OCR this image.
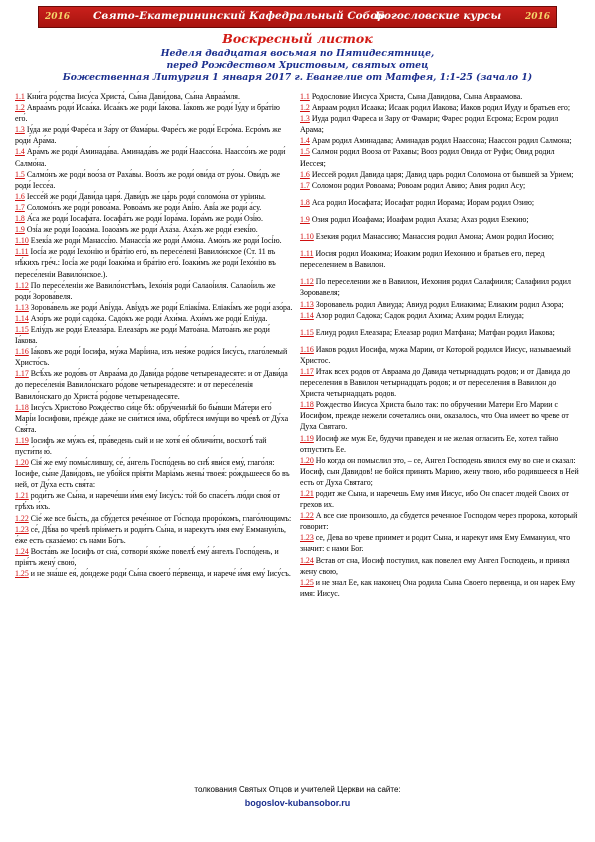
2016 Свято-Екатерининский Кафедральный Собор
Богословские курсы	2016
Воскресный листок
Неделя двадцатая восьмая по Пятидесятнице,
перед Рождеством Христовым, святых отец
Божественная Литургия 1 января 2017 г. Евангелие от Матфея, 1:1-25 (зачало 1)

1.1 Кни́га ро́дства Іису́са Христа́, Сы́на Дави́дова, Сы́на Авраа́мля.

1.2 Авраа́мъ роди́ Исаа́ка. Исаа́къ же роди́ Іа́кова. Іа́ковъ же роди́ Іу́ду и бра́тію его́.

1.3 Іу́да же роди́ Фаре́са и За́ру от Øама́ры. Фаре́съ же роди́ Еcро́ма. Еcро́мъ же роди́ Ара́ма.

1.4 Ара́мъ же роди́ Аминада́ва. Аминада́въ же роди́ Наассо́на. Наассо́нъ же роди́ Салмо́на.

1.5 Салмо́нъ же роди́ воо́за от Раха́вы. Воо́зъ же роди́ ови́да от ру́оы. Ови́дъ же роди́ Іессе́а.

1.6 Іессе́й же роди́ Дави́да царя́. Дави́дъ же ца́рь роди́ соломо́на от уріины.

1.7 Соломо́нъ же роди́ ровоа́ма. Ровоа́мъ же роди́ Аві́ю. Аві́а же роди́ а́су.

1.8 А́са же роди́ Іосафа́та. Іосафа́тъ же роди́ Іора́ма. Іора́мъ же роди́ Озі́ю.

1.9 Озі́а же роди́ Іоаоа́ма. Іоаоа́мъ же роди́ Аха́за. Аха́зъ же роди́ езекі́ю.

1.10 Езекі́а же роди́ Манассі́ю. Манассі́а же роди́ Амо́на. Амо́нъ же роди́ Іосі́ю.

1.11 Іосі́а же роди́ Іехо́нію и бра́тію его́, въ пересе́лені Вавило́нское (Ст. 11 въ нѣ́кихъ гре́ч.: Іосі́а же роди́ Іоаки́ма и бра́тію его́. Іоаки́мъ же роди́ Іехо́нію въ пересе́леніи Вавило́нское.).

1.12 По пересе́леніи же Вавило́нстѣмъ, Іехо́нія роди́ Салаоі́иля. Салаоі́иль же роди́ Зорова́веля.

1.13 Зорова́вель же роди́ Аві́уда. Аві́удъ же роди́ Еліакі́ма. Еліакі́мъ же роди́ азо́ра.

1.14 Азо́ръ же роди́ садо́ка. Садо́къ же роди́ Ахи́ма. Ахи́мъ же роди́ Еліу́да.

1.15 Еліу́дъ же роди́ Елеаза́ра. Елеаза́ръ же роди́ Матоа́на. Матоа́нъ же роди́ Іа́кова.

1.16 Іа́ковъ же роди́ Іосифа, му́жа Марі́ина, изъ нея́же роди́ся Іису́съ, глаго́лемый Христо́съ.

1.17 Всѣ́хъ же родо́въ от Авраа́ма до Дави́да ро́дове четыренадесяте: и от Дави́да до пересе́ленія Вавило́нскаго ро́дове четыренадесяте: и от пересе́ленія Вавило́нскаго до Христа́ ро́дове четыренадесяте.

1.18 Іису́съ Христо́во Рожде́ство си́це бѣ: обру́ченнѣй бо бы́вши Ма́тери его́ Марі́и Іосифови, пре́жде да́же не сни́тися и́ма, обрѣ́теся иму́щи во чре́вѣ от Ду́ха Свя́та.

1.19 Іосифъ же му́жъ ея́, пра́ведень сый и не хотя́ ея́ обличи́ти, восхотѣ́ тай пусти́ти ю́.

1.20 Сія́ же ему́ помы́слившу, се́, а́нгель Госпо́день во снѣ́ яви́ся ему́, глаго́ля: Іосифе, сы́не Дави́довъ, не убо́йся прія́ти Маріа́мь жены́ твоея́: ро́ждьшееся бо въ ней, от Ду́ха есть свя́та:

1.21 роди́тъ же Сы́на, и нарече́ши и́мя ему́ Іису́съ: то́й бо спасе́тъ лю́ди своя́ от грѣ́хъ и́хъ.

1.22 Сіе́ же все бы́сть, да сбу́дется рече́нное от Го́спода проро́комъ, глаго́лющимъ:

1.23 се́, Дѣ́ва во чре́вѣ пріи́метъ и роди́тъ Сы́на, и нарекутъ и́мя ему́ Еммануи́ль, е́же есть сказа́емо: съ на́ми Бо́гъ.

1.24 Воста́въ же Іосифъ от сна́, сотвори́ яко́же повелѣ́ ему́ а́нгелъ Госпо́день, и прія́тъ жену́ свою́,

1.25 и не зна́ше ея́, до́ндеже роди́ Сы́на своего́ пе́рвенца, и нарече́ и́мя ему́ Іису́съ.

1.1 Родословие Иисуса Христа, Сына Давидова, Сына Авраамова.

1.2 Авраам родил Исаака; Исаак родил Иакова; Иаков родил Иуду и братьев его;

1.3 Иуда родил Фареса и Зару от Фамари; Фарес родил Есрома; Есром родил Арама;

1.4 Арам родил Аминадава; Аминадав родил Наассона; Наассон родил Салмона;

1.5 Салмон родил Вооза от Рахавы; Вооз родил Овида от Руфи; Овид родил Иессея;

1.6 Иессей родил Давида царя; Давид царь родил Соломона от бывшей за Урием;

1.7 Соломон родил Ровоама; Ровоам родил Авию; Авия родил Асу;

1.8 Аса родил Иосафата; Иосафат родил Иорама; Иорам родил Озию;

1.9 Озия родил Иоафама; Иоафам родил Ахаза; Ахаз родил Езекию;

1.10 Езекия родил Манассию; Манассия родил Амона; Амон родил Иосию;

1.11 Иосия родил Иоакима; Иоаким родил Иехонию и братьев его, перед переселением в Вавилон.

1.12 По переселении же в Вавилон, Иехония родил Салафииля; Салафиил родил Зоровавеля;

1.13 Зоровавель родил Авиуда; Авиуд родил Елиакима; Елиаким родил Азора;

1.14 Азор родил Садока; Садок родил Ахима; Ахим родил Елиуда;

1.15 Елиуд родил Елеазара; Елеазар родил Матфана; Матфан родил Иакова;

1.16 Иаков родил Иосифа, мужа Марии, от Которой родился Иисус, называемый Христос.

1.17 Итак всех родов от Авраама до Давида четырнадцать родов; и от Давида до переселения в Вавилон четырнадцать родов; и от переселения в Вавилон до Христа четырнадцать родов.

1.18 Рождество Иисуса Христа было так: по обручении Матери Его Марии с Иосифом, прежде нежели сочетались они, оказалось, что Она имеет во чреве от Духа Святаго.

1.19 Иосиф же муж Ее, будучи праведен и не желая огласить Ее, хотел тайно отпустить Ее.

1.20 Но когда он помыслил это, – се, Ангел Господень явился ему во сне и сказал: Иосиф, сын Давидов! не бойся принять Марию, жену твою, ибо родившееся в Ней есть от Духа Святаго;

1.21 родит же Сына, и наречешь Ему имя Иисус, ибо Он спасет людей Своих от грехов их.

1.22 А все сие произошло, да сбудется реченное Господом через пророка, который говорит:

1.23 се, Дева во чреве приимет и родит Сына, и нарекут имя Ему Еммануил, что значит: с нами Бог.

1.24 Встав от сна, Иосиф поступил, как повелел ему Ангел Господень, и принял жену свою,

1.25 и не знал Ее, как наконец Она родила Сына Своего первенца, и он нарек Ему имя: Иисус.

толкования Святых Отцов и учителей Церкви на сайте:
bogoslov-kubansobor.ru
